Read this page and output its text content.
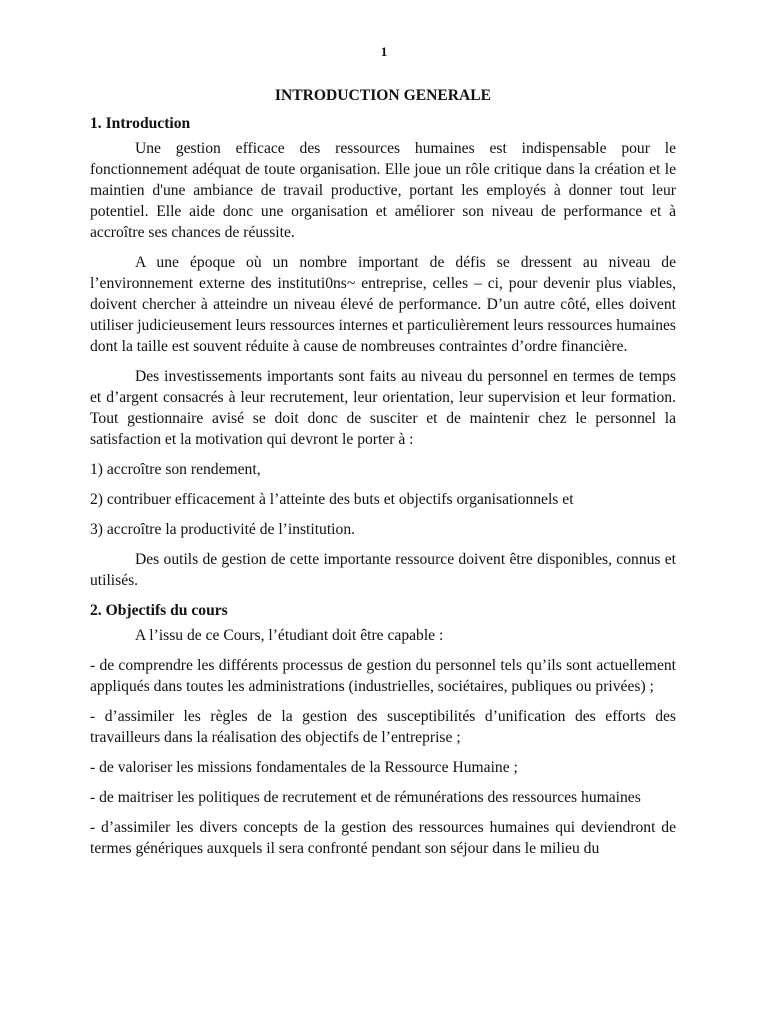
1
INTRODUCTION GENERALE
1. Introduction

Une gestion efficace des ressources humaines est indispensable pour le fonctionnement adéquat de toute organisation. Elle joue un rôle critique dans la création et le maintien d'une ambiance de travail productive, portant les employés à donner tout leur potentiel. Elle aide donc une organisation et améliorer son niveau de performance et à accroître ses chances de réussite.

A une époque où un nombre important de défis se dressent au niveau de l’environnement externe des instituti0ns~ entreprise, celles – ci, pour devenir plus viables, doivent chercher à atteindre un niveau élevé de performance. D’un autre côté, elles doivent utiliser judicieusement leurs ressources internes et particulièrement leurs ressources humaines dont la taille est souvent réduite à cause de nombreuses contraintes d’ordre financière.

Des investissements importants sont faits au niveau du personnel en termes de temps et d’argent consacrés à leur recrutement, leur orientation, leur supervision et leur formation. Tout gestionnaire avisé se doit donc de susciter et de maintenir chez le personnel la satisfaction et la motivation qui devront le porter à :

1) accroître son rendement,

2) contribuer efficacement à l’atteinte des buts et objectifs organisationnels et

3) accroître la productivité de l’institution.

Des outils de gestion de cette importante ressource doivent être disponibles, connus et utilisés.

2. Objectifs du cours

A l’issu de ce Cours, l’étudiant doit être capable :

- de comprendre les différents processus de gestion du personnel tels qu’ils sont actuellement appliqués dans toutes les administrations (industrielles, sociétaires, publiques ou privées) ;

- d’assimiler les règles de la gestion des susceptibilités d’unification des efforts des travailleurs dans la réalisation des objectifs de l’entreprise ;

- de valoriser les missions fondamentales de la Ressource Humaine ;

- de maitriser les politiques de recrutement et de rémunérations des ressources humaines

- d’assimiler les divers concepts de la gestion des ressources humaines qui deviendront de termes génériques auxquels il sera confronté pendant son séjour dans le milieu du
